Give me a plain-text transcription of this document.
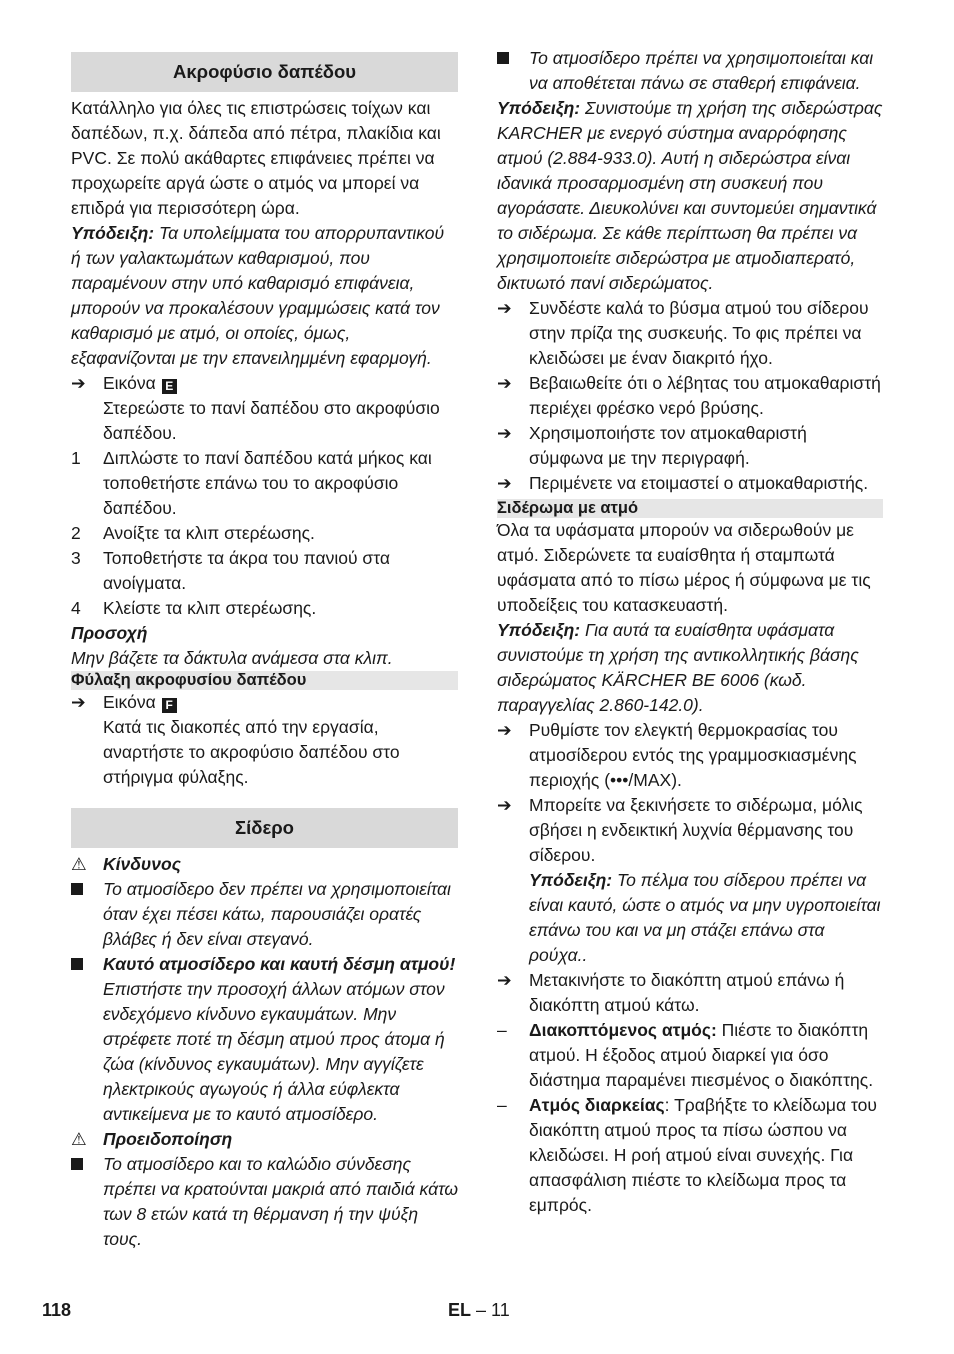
Ακροφύσιο δαπέδου

Κατάλληλο για όλες τις επιστρώσεις τοίχων και δαπέδων, π.χ. δάπεδα από πέτρα, πλακίδια και PVC. Σε πολύ ακάθαρτες επιφάνειες πρέπει να προχωρείτε αργά ώστε ο ατμός να μπορεί να επιδρά για περισσότερη ώρα.

Υπόδειξη: Τα υπολείμματα του απορρυπαντικού ή των γαλακτωμάτων καθαρισμού, που παραμένουν στην υπό καθαρισμό επιφάνεια, μπορούν να προκαλέσουν γραμμώσεις κατά τον καθαρισμό με ατμό, οι οποίες, όμως, εξαφανίζονται με την επανειλημμένη εφαρμογή.

➔ Εικόνα E
Στερεώστε το πανί δαπέδου στο ακροφύσιο δαπέδου.
1	Διπλώστε το πανί δαπέδου κατά μήκος και τοποθετήστε επάνω του το ακροφύσιο δαπέδου.
2	Ανοίξτε τα κλιπ στερέωσης.
3	Τοποθετήστε τα άκρα του πανιού στα ανοίγματα.
4	Κλείστε τα κλιπ στερέωσης.

Προσοχή

Μην βάζετε τα δάκτυλα ανάμεσα στα κλιπ.

Φύλαξη ακροφυσίου δαπέδου
➔ Εικόνα F
Κατά τις διακοπές από την εργασία, αναρτήστε το ακροφύσιο δαπέδου στο στήριγμα φύλαξης.
Σίδερο
⚠ Κίνδυνος
Το ατμοσίδερο δεν πρέπει να χρησιμοποιείται όταν έχει πέσει κάτω, παρουσιάζει ορατές βλάβες ή δεν είναι στεγανό.
Καυτό ατμοσίδερο και καυτή δέσμη ατμού! Επιστήστε την προσοχή άλλων ατόμων στον ενδεχόμενο κίνδυνο εγκαυμάτων. Μην στρέφετε ποτέ τη δέσμη ατμού προς άτομα ή ζώα (κίνδυνος εγκαυμάτων). Μην αγγίζετε ηλεκτρικούς αγωγούς ή άλλα εύφλεκτα αντικείμενα με το καυτό ατμοσίδερο.
⚠ Προειδοποίηση
Το ατμοσίδερο και το καλώδιο σύνδεσης πρέπει να κρατούνται μακριά από παιδιά κάτω των 8 ετών κατά τη θέρμανση ή την ψύξη τους.
Το ατμοσίδερο πρέπει να χρησιμοποιείται και να αποθέτεται πάνω σε σταθερή επιφάνεια.

Υπόδειξη: Συνιστούμε τη χρήση της σιδερώστρας KARCHER με ενεργό σύστημα αναρρόφησης ατμού (2.884-933.0). Αυτή η σιδερώστρα είναι ιδανικά προσαρμοσμένη στη συσκευή που αγοράσατε. Διευκολύνει και συντομεύει σημαντικά το σιδέρωμα. Σε κάθε περίπτωση θα πρέπει να χρησιμοποιείτε σιδερώστρα με ατμοδιαπερατό, δικτυωτό πανί σιδερώματος.

➔ Συνδέστε καλά το βύσμα ατμού του σίδερου στην πρίζα της συσκευής. Το φις πρέπει να κλειδώσει με έναν διακριτό ήχο.
➔ Βεβαιωθείτε ότι ο λέβητας του ατμοκαθαριστή περιέχει φρέσκο νερό βρύσης.
➔ Χρησιμοποιήστε τον ατμοκαθαριστή σύμφωνα με την περιγραφή.
➔ Περιμένετε να ετοιμαστεί ο ατμοκαθαριστής.
Σιδέρωμα με ατμό

Όλα τα υφάσματα μπορούν να σιδερωθούν με ατμό. Σιδερώνετε τα ευαίσθητα ή σταμπωτά υφάσματα από το πίσω μέρος ή σύμφωνα με τις υποδείξεις του κατασκευαστή.

Υπόδειξη: Για αυτά τα ευαίσθητα υφάσματα συνιστούμε τη χρήση της αντικολλητικής βάσης σιδερώματος KÄRCHER BE 6006 (κωδ. παραγγελίας 2.860-142.0).

➔ Ρυθμίστε τον ελεγκτή θερμοκρασίας του ατμοσίδερου εντός της γραμμοσκιασμένης περιοχής (•••/MAX).
➔ Μπορείτε να ξεκινήσετε το σιδέρωμα, μόλις σβήσει η ενδεικτική λυχνία θέρμανσης του σίδερου.
Υπόδειξη: Το πέλμα του σίδερου πρέπει να είναι καυτό, ώστε ο ατμός να μην υγροποιείται επάνω του και να μη στάζει επάνω στα ρούχα..
➔ Μετακινήστε το διακόπτη ατμού επάνω ή διακόπτη ατμού κάτω.
–	Διακοπτόμενος ατμός: Πιέστε το διακόπτη ατμού. Η έξοδος ατμού διαρκεί για όσο διάστημα παραμένει πιεσμένος ο διακόπτης.
–	Ατμός διαρκείας: Τραβήξτε το κλείδωμα του διακόπτη ατμού προς τα πίσω ώσπου να κλειδώσει. Η ροή ατμού είναι συνεχής. Για απασφάλιση πιέστε το κλείδωμα προς τα εμπρός.
118	EL – 11
